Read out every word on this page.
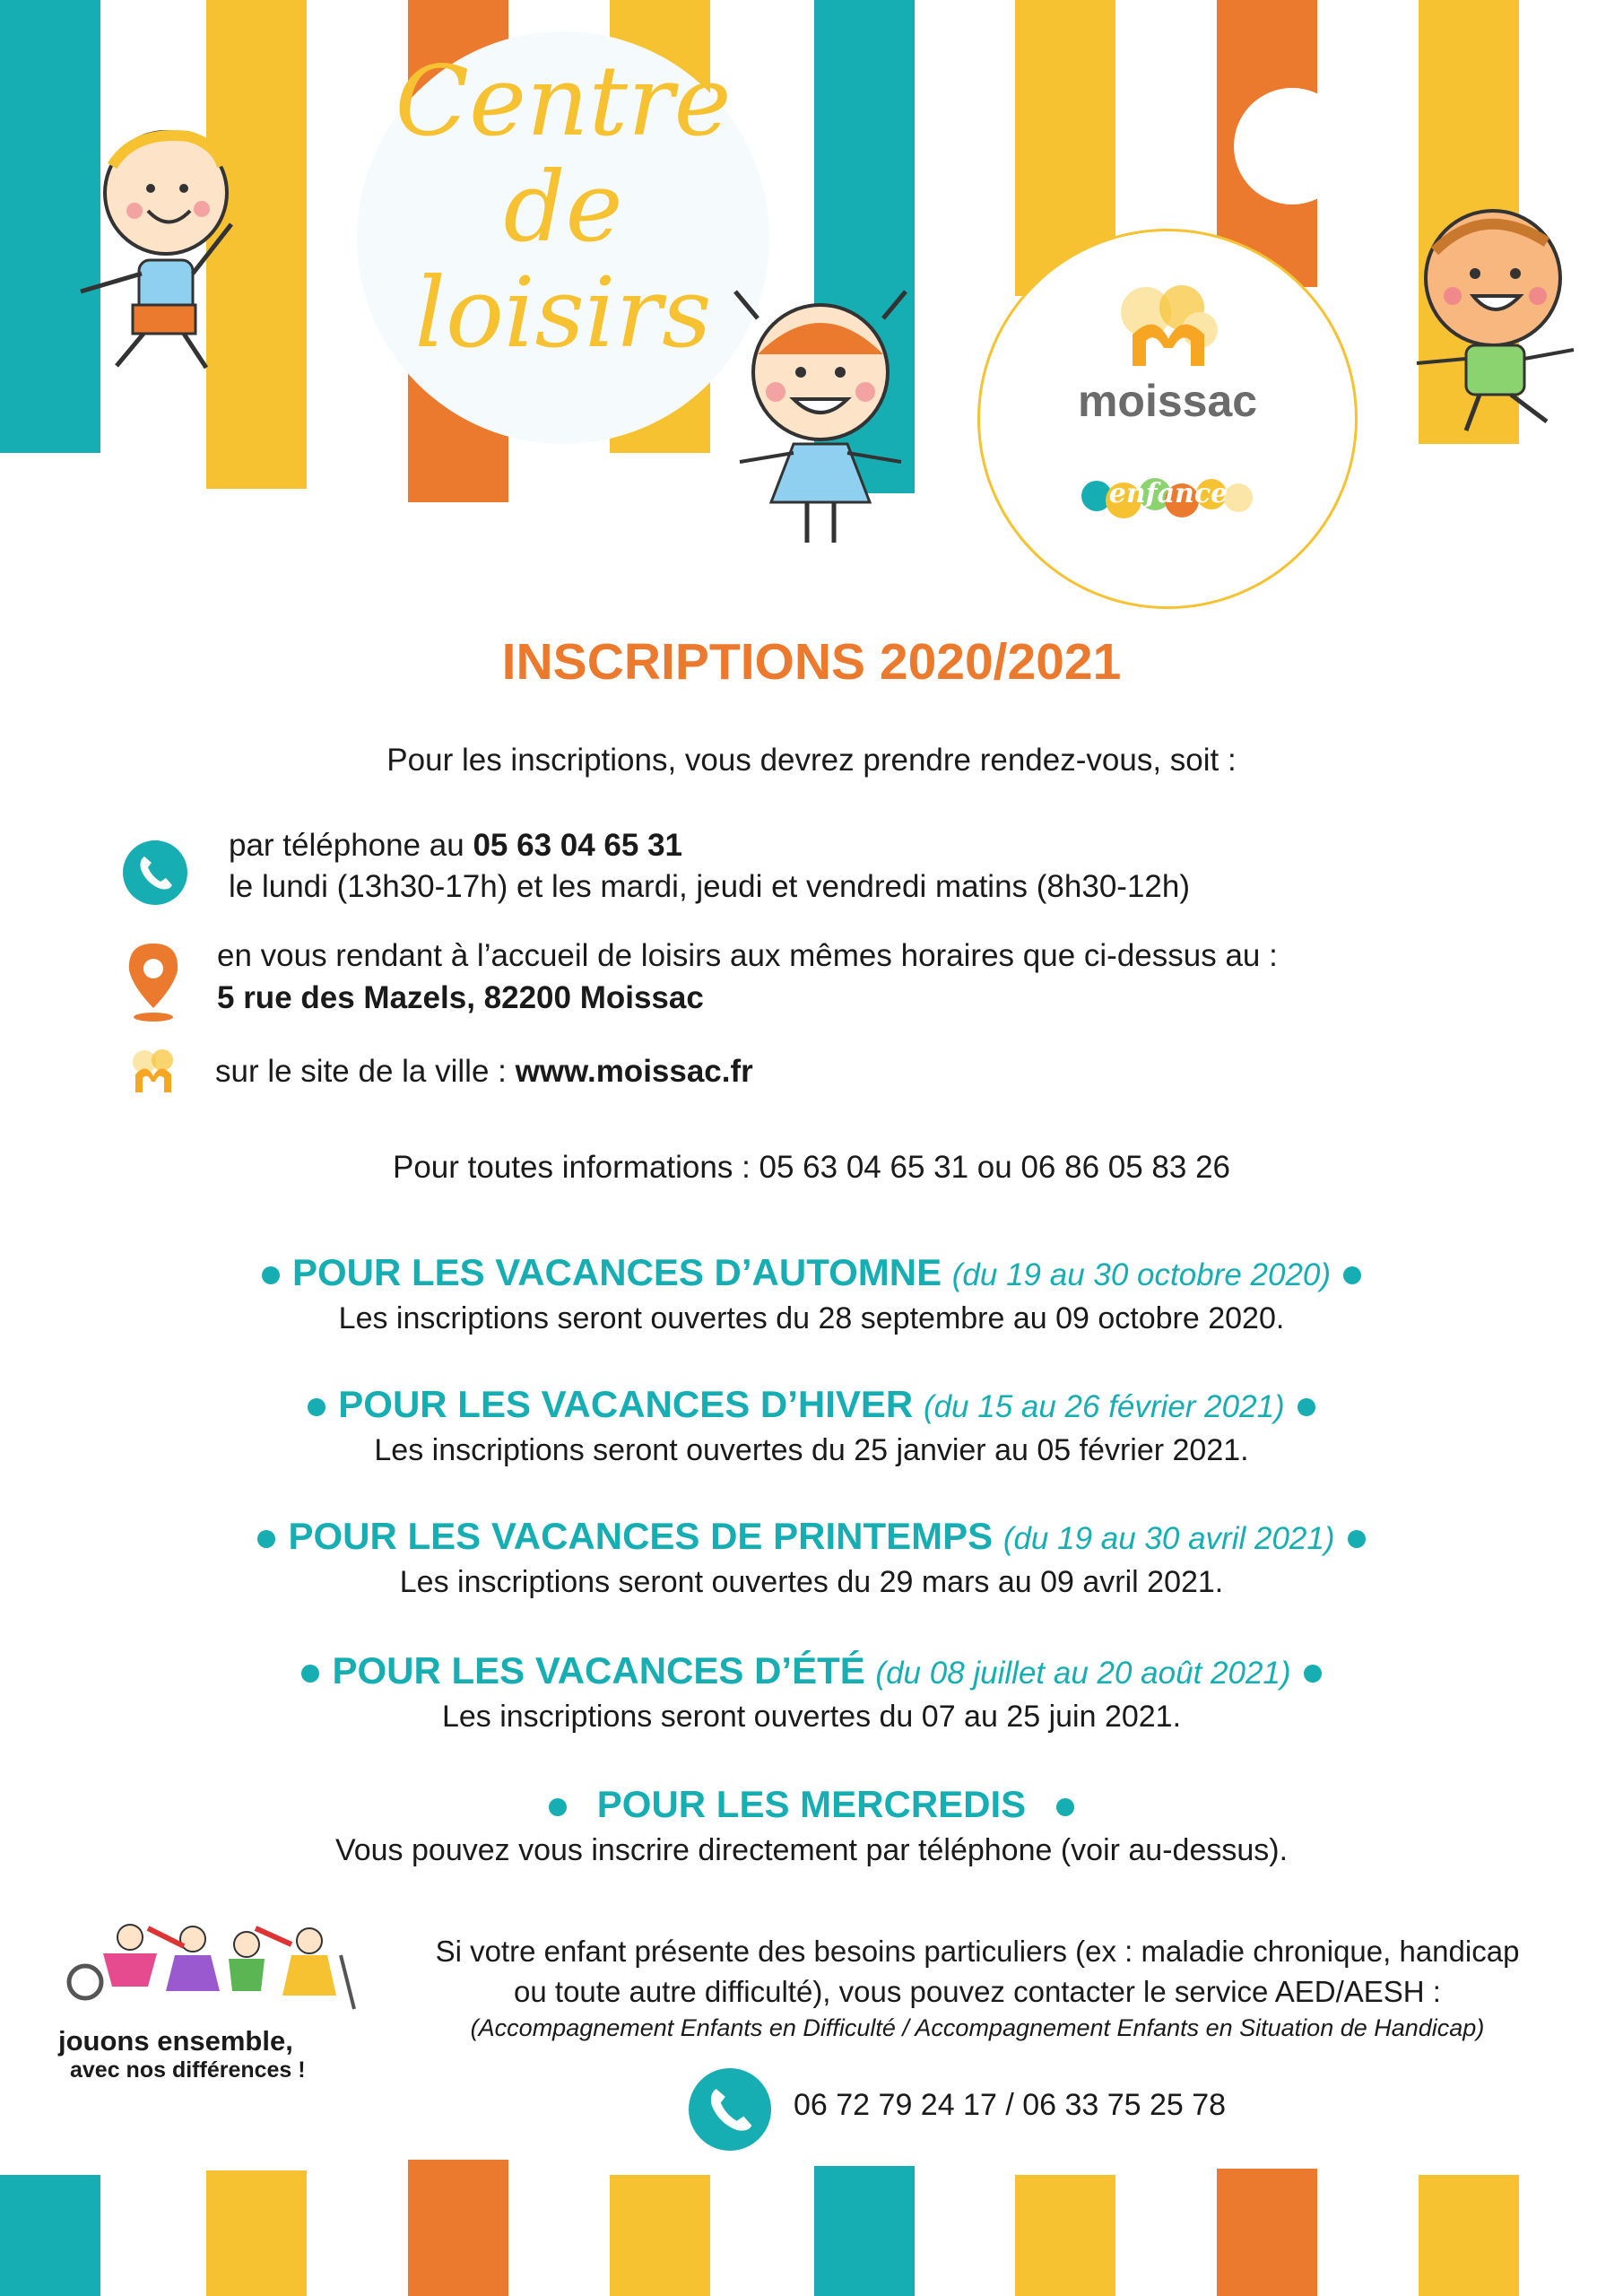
Centre
de
loisirs
moissac
enfance
INSCRIPTIONS 2020/2021
Pour les inscriptions, vous devrez prendre rendez-vous, soit :
par téléphone au 05 63 04 65 31
le lundi (13h30-17h) et les mardi, jeudi et vendredi matins (8h30-12h)
en vous rendant à l’accueil de loisirs aux mêmes horaires que ci-dessus au :
5 rue des Mazels, 82200 Moissac
sur le site de la ville : www.moissac.fr
Pour toutes informations : 05 63 04 65 31 ou 06 86 05 83 26
POUR LES VACANCES D’AUTOMNE (du 19 au 30 octobre 2020)
Les inscriptions seront ouvertes du 28 septembre au 09 octobre 2020.
POUR LES VACANCES D’HIVER (du 15 au 26 février 2021)
Les inscriptions seront ouvertes du 25 janvier au 05 février 2021.
POUR LES VACANCES DE PRINTEMPS (du 19 au 30 avril 2021)
Les inscriptions seront ouvertes du 29 mars au 09 avril 2021.
POUR LES VACANCES D’ÉTÉ (du 08 juillet au 20 août 2021)
Les inscriptions seront ouvertes du 07 au 25 juin 2021.
POUR LES MERCREDIS
Vous pouvez vous inscrire directement par téléphone (voir au-dessus).
jouons ensemble,
avec nos différences !
Si votre enfant présente des besoins particuliers (ex : maladie chronique, handicap
ou toute autre difficulté), vous pouvez contacter le service AED/AESH :
(Accompagnement Enfants en Difficulté / Accompagnement Enfants en Situation de Handicap)
06 72 79 24 17 / 06 33 75 25 78
